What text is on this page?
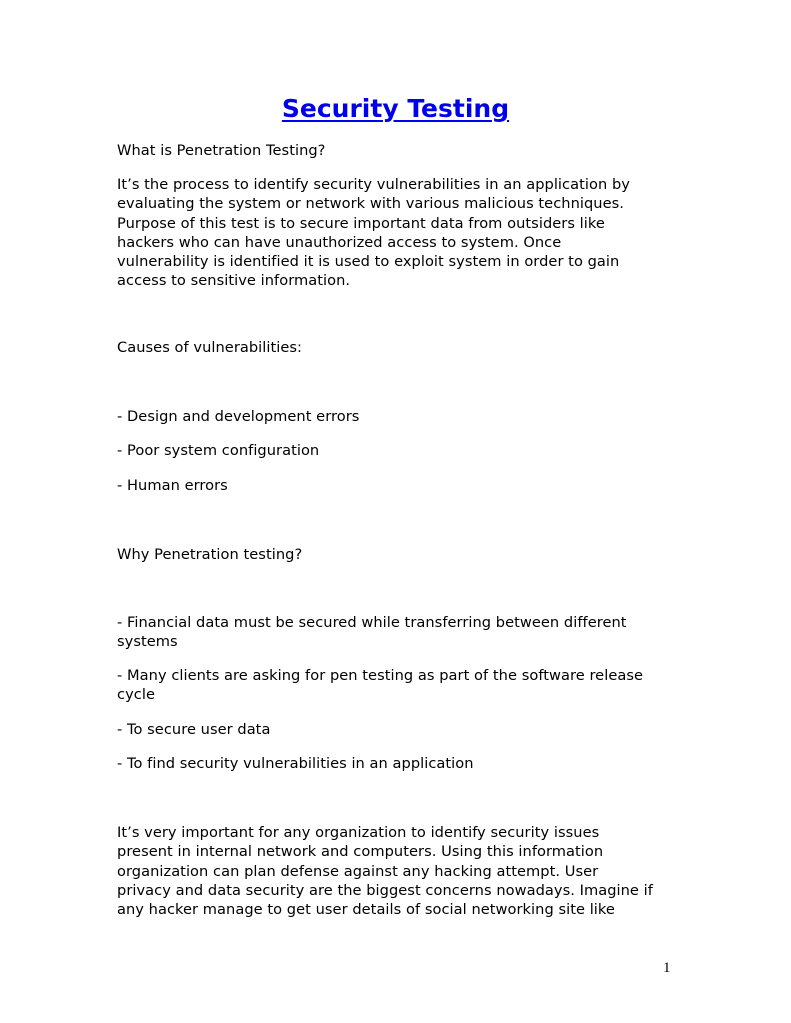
Security Testing
What is Penetration Testing?
It’s the process to identify security vulnerabilities in an application by
evaluating the system or network with various malicious techniques.
Purpose of this test is to secure important data from outsiders like
hackers who can have unauthorized access to system. Once
vulnerability is identified it is used to exploit system in order to gain
access to sensitive information.
Causes of vulnerabilities:
- Design and development errors
- Poor system configuration
- Human errors
Why Penetration testing?
- Financial data must be secured while transferring between different
systems
- Many clients are asking for pen testing as part of the software release
cycle
- To secure user data
- To find security vulnerabilities in an application
It’s very important for any organization to identify security issues
present in internal network and computers. Using this information
organization can plan defense against any hacking attempt. User
privacy and data security are the biggest concerns nowadays. Imagine if
any hacker manage to get user details of social networking site like
1
